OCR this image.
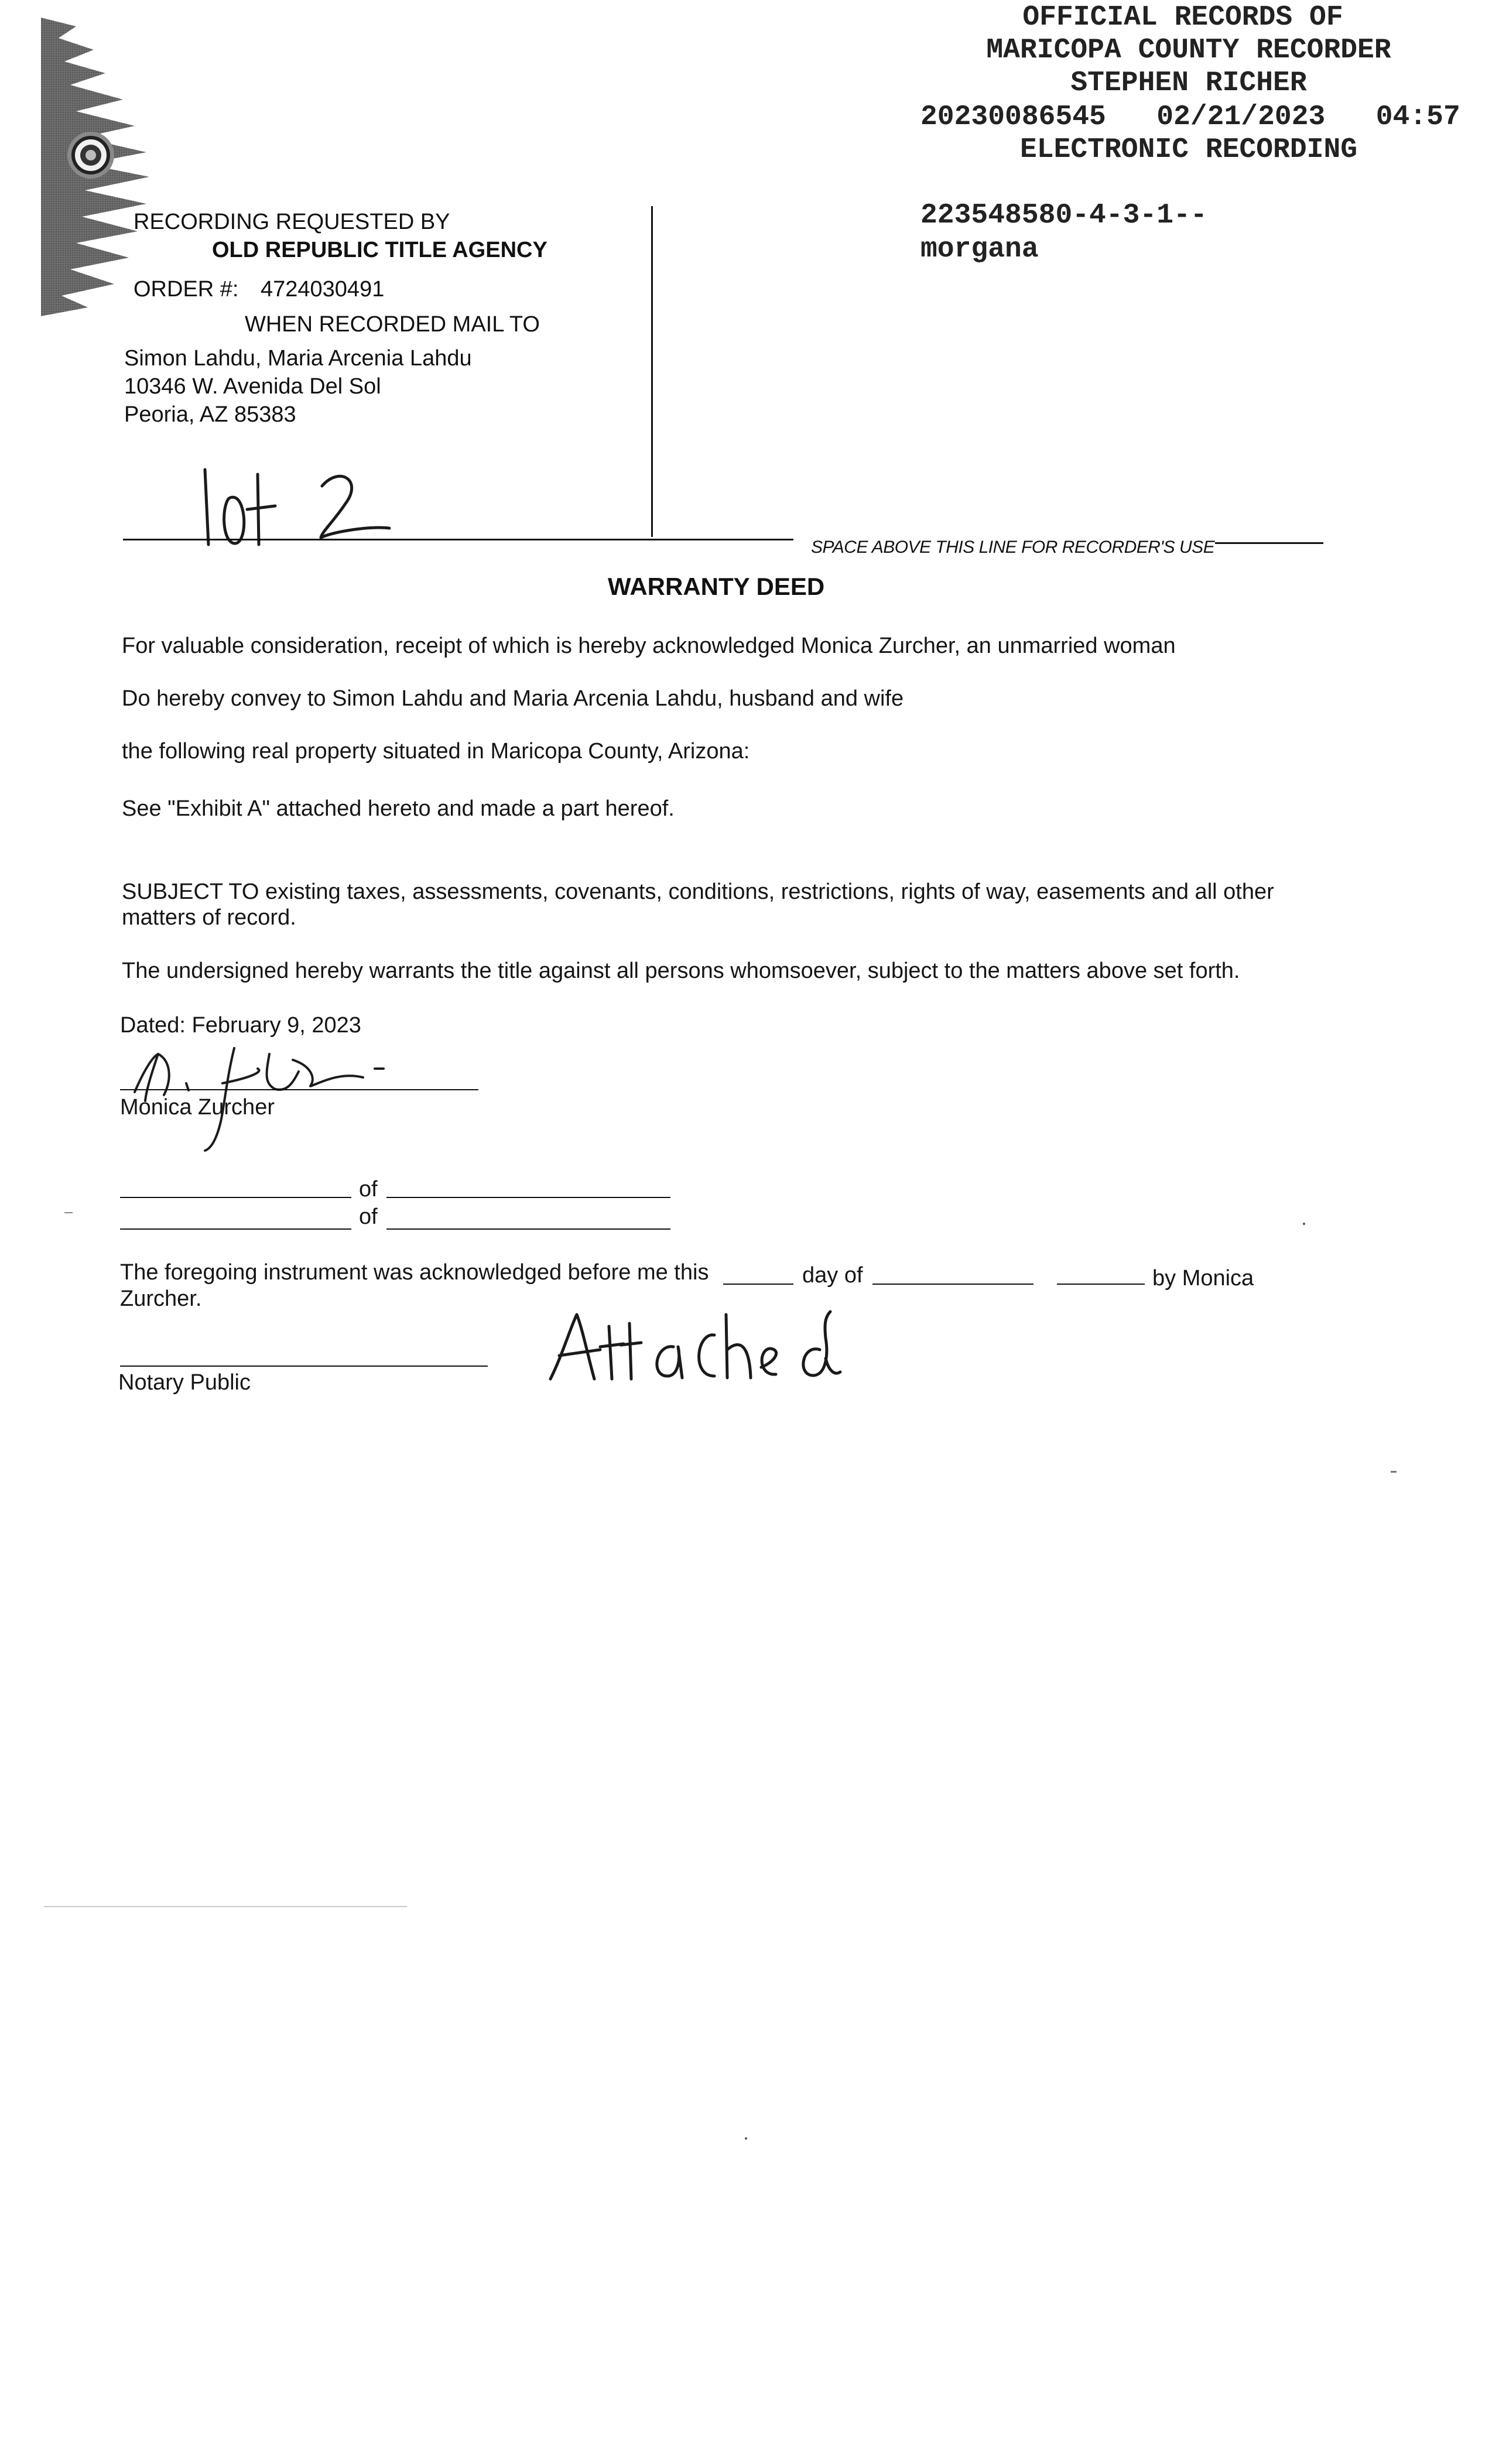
OFFICIAL RECORDS OF
MARICOPA COUNTY RECORDER
STEPHEN RICHER
20230086545   02/21/2023   04:57
ELECTRONIC RECORDING
223548580-4-3-1--
morgana
RECORDING REQUESTED BY
OLD REPUBLIC TITLE AGENCY
ORDER #: 4724030491
WHEN RECORDED MAIL TO
Simon Lahdu, Maria Arcenia Lahdu
10346 W. Avenida Del Sol
Peoria, AZ 85383
SPACE ABOVE THIS LINE FOR RECORDER'S USE
WARRANTY DEED
For valuable consideration, receipt of which is hereby acknowledged Monica Zurcher, an unmarried woman
Do hereby convey to Simon Lahdu and Maria Arcenia Lahdu, husband and wife
the following real property situated in Maricopa County, Arizona:
See "Exhibit A" attached hereto and made a part hereof.
SUBJECT TO existing taxes, assessments, covenants, conditions, restrictions, rights of way, easements and all other
matters of record.
The undersigned hereby warrants the title against all persons whomsoever, subject to the matters above set forth.
Dated: February 9, 2023
Monica Zurcher
of
of
The foregoing instrument was acknowledged before me this	day of	by Monica
Zurcher.
Notary Public
